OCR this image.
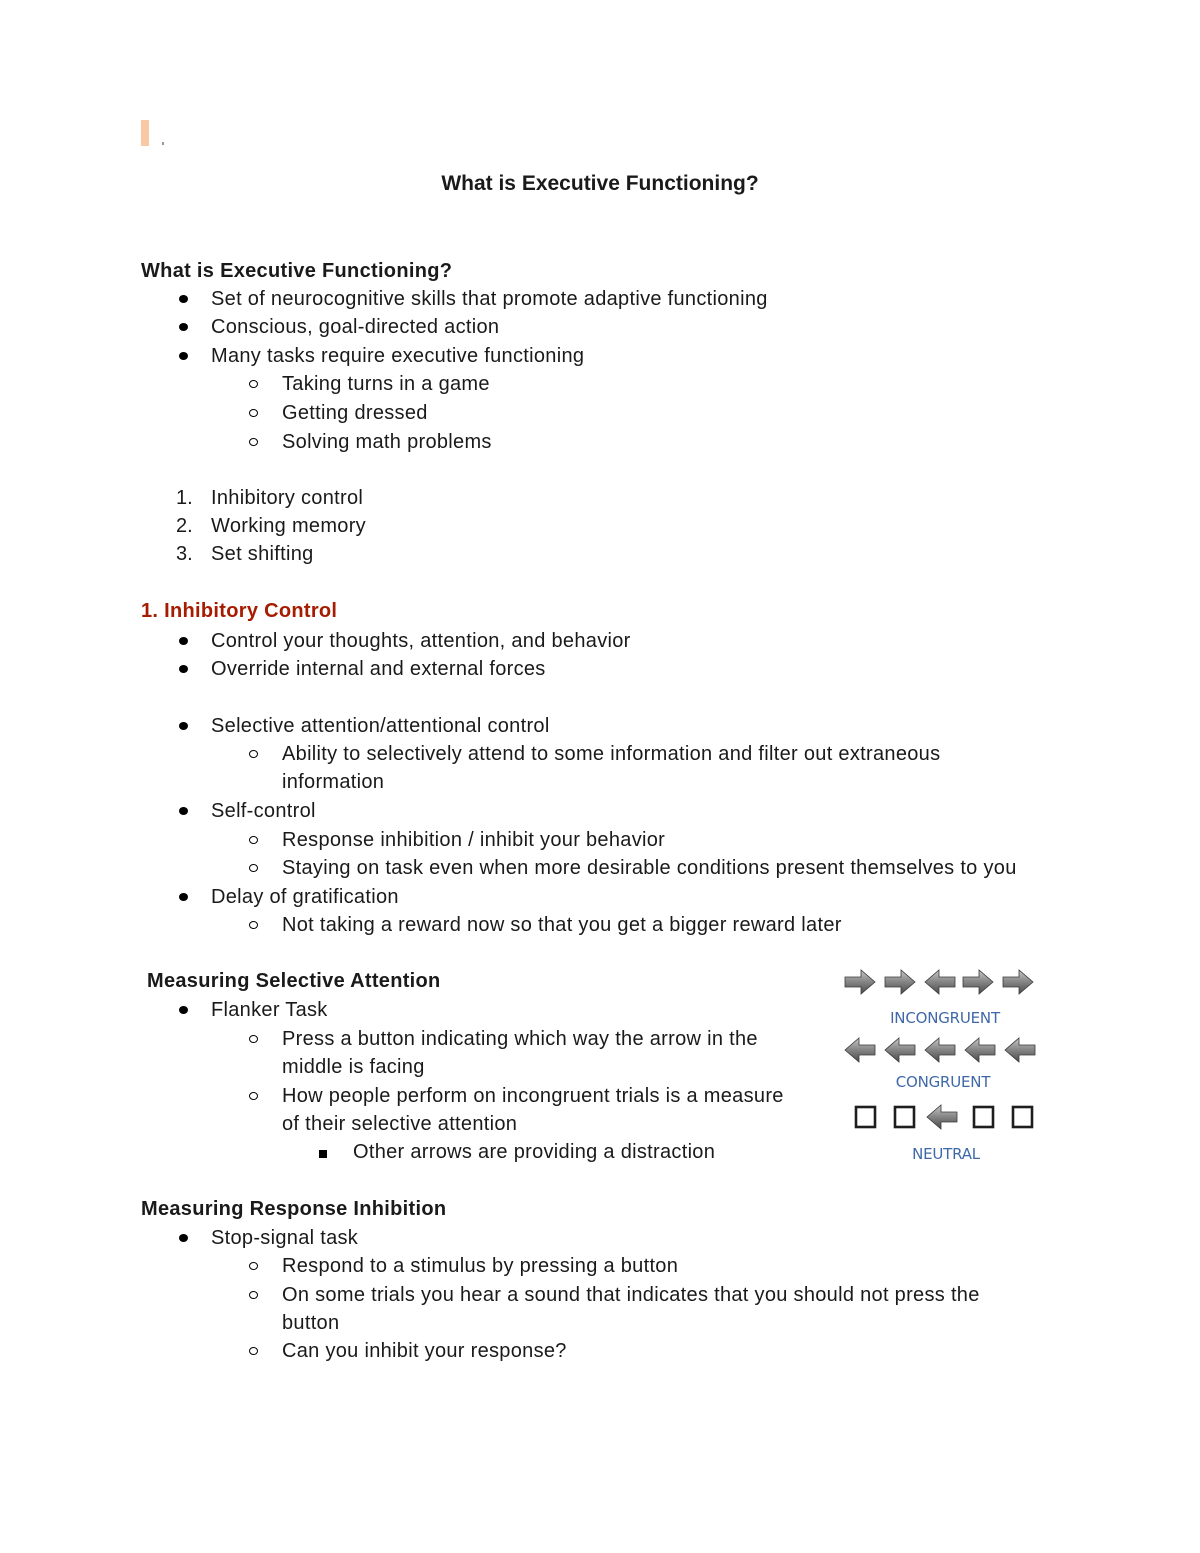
What is Executive Functioning?
What is Executive Functioning?
Set of neurocognitive skills that promote adaptive functioning
Conscious, goal-directed action
Many tasks require executive functioning
Taking turns in a game
Getting dressed
Solving math problems
1. Inhibitory control
2. Working memory
3. Set shifting
1. Inhibitory Control
Control your thoughts, attention, and behavior
Override internal and external forces
Selective attention/attentional control
Ability to selectively attend to some information and filter out extraneous
information
Self-control
Response inhibition / inhibit your behavior
Staying on task even when more desirable conditions present themselves to you
Delay of gratification
Not taking a reward now so that you get a bigger reward later
Measuring Selective Attention
Flanker Task
Press a button indicating which way the arrow in the
middle is facing
How people perform on incongruent trials is a measure
of their selective attention
Other arrows are providing a distraction
INCONGRUENT
CONGRUENT
NEUTRAL
Measuring Response Inhibition
Stop-signal task
Respond to a stimulus by pressing a button
On some trials you hear a sound that indicates that you should not press the
button
Can you inhibit your response?
